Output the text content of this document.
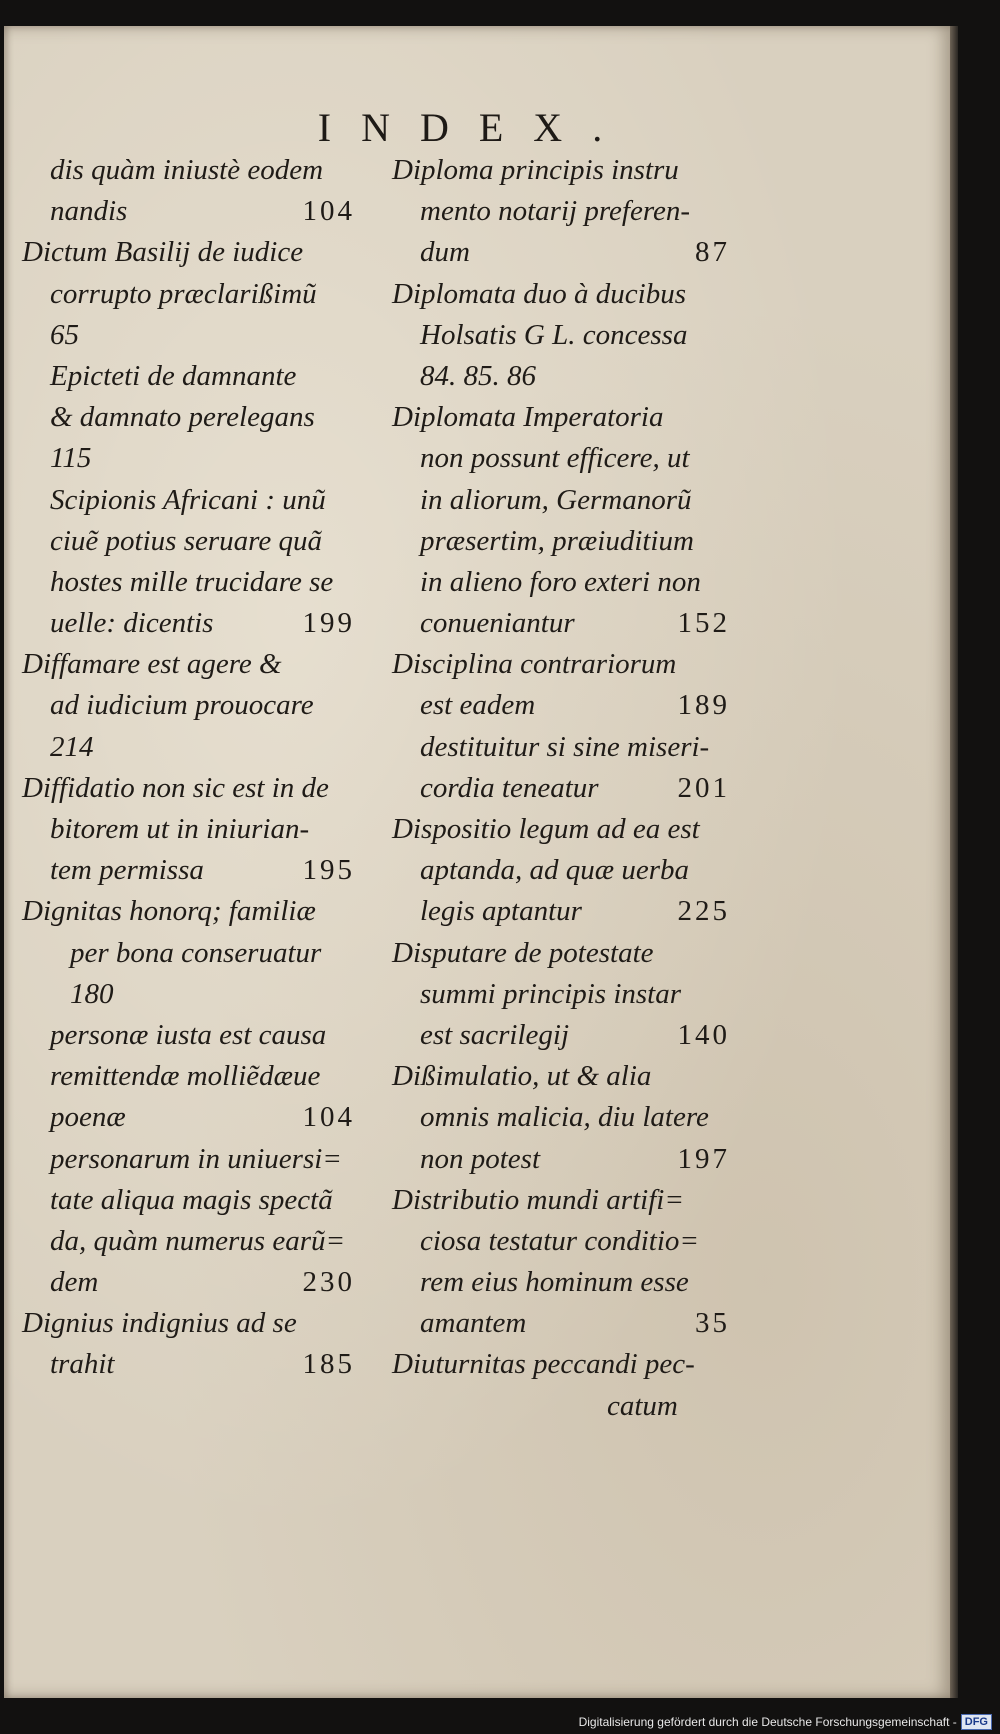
INDEX.
dis quàm iniustè eodem
nandis	104
Dictum Basilij de iudice
corrupto præclarißimũ
65
Epicteti de damnante
& damnato perelegans
115
Scipionis Africani : unũ
ciuẽ potius seruare quã
hostes mille trucidare se
uelle: dicentis	199
Diffamare est agere &
ad iudicium prouocare
214
Diffidatio non sic est in de
bitorem ut in iniurian-
tem permissa	195
Dignitas honorq; familiæ
per bona conseruatur
180
personæ iusta est causa
remittendæ molliẽdæue
poenæ	104
personarum in uniuersi=
tate aliqua magis spectã
da, quàm numerus earũ=
dem	230
Dignius indignius ad se
trahit	185
Diploma principis instru
mento notarij preferen-
dum	87
Diplomata duo à ducibus
Holsatis G L. concessa
84. 85. 86
Diplomata Imperatoria
non possunt efficere, ut
in aliorum, Germanorũ
præsertim, præiuditium
in alieno foro exteri non
conueniantur	152
Disciplina contrariorum
est eadem	189
destituitur si sine miseri-
cordia teneatur	201
Dispositio legum ad ea est
aptanda, ad quæ uerba
legis aptantur	225
Disputare de potestate
summi principis instar
est sacrilegij	140
Dißimulatio, ut & alia
omnis malicia, diu latere
non potest	197
Distributio mundi artifi=
ciosa testatur conditio=
rem eius hominum esse
amantem	35
Diuturnitas peccandi pec-
catum
Digitalisierung gefördert durch die Deutsche Forschungsgemeinschaft - DFG
